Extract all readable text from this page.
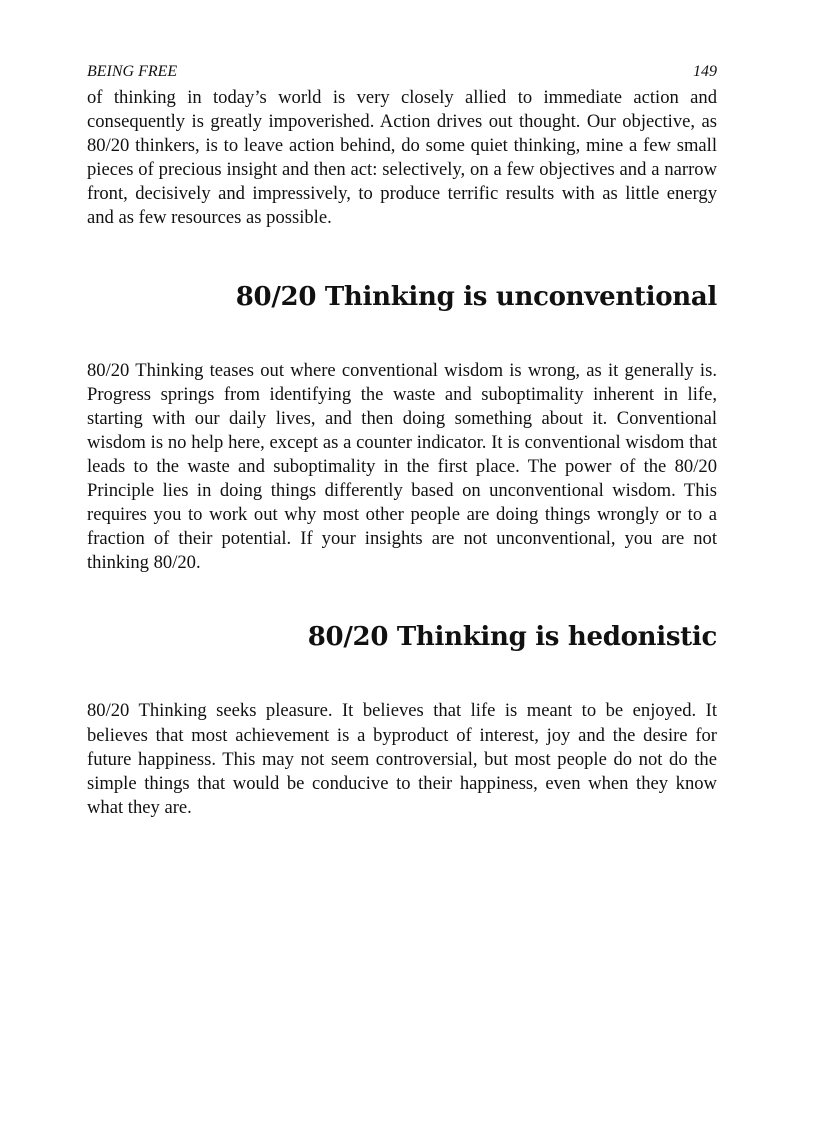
BEING FREE	149

of thinking in today’s world is very closely allied to immediate action and consequently is greatly impoverished. Action drives out thought. Our objective, as 80/20 thinkers, is to leave action behind, do some quiet thinking, mine a few small pieces of precious insight and then act: selectively, on a few objectives and a narrow front, decisively and impressively, to produce terrific results with as little energy and as few resources as possible.

80/20 Thinking is unconventional

80/20 Thinking teases out where conventional wisdom is wrong, as it generally is. Progress springs from identifying the waste and suboptimality inherent in life, starting with our daily lives, and then doing something about it. Conventional wisdom is no help here, except as a counter indicator. It is conventional wisdom that leads to the waste and suboptimality in the first place. The power of the 80/20 Principle lies in doing things differently based on unconventional wisdom. This requires you to work out why most other people are doing things wrongly or to a fraction of their potential. If your insights are not unconventional, you are not thinking 80/20.

80/20 Thinking is hedonistic

80/20 Thinking seeks pleasure. It believes that life is meant to be enjoyed. It believes that most achievement is a byproduct of interest, joy and the desire for future happiness. This may not seem controversial, but most people do not do the simple things that would be conducive to their happiness, even when they know what they are.
